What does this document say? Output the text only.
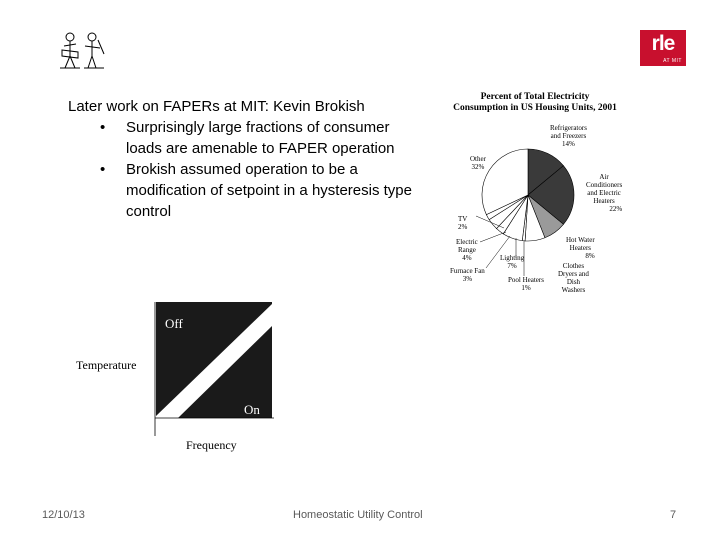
rle
AT MIT
Later work on FAPERs at MIT: Kevin Brokish
• Surprisingly large fractions of consumer loads are amenable to FAPER operation
• Brokish assumed operation to be a modification of setpoint in a hysteresis type control
Percent of Total Electricity
Consumption in US Housing Units, 2001
Refrigerators
and Freezers
14%
Air
Conditioners
and Electric
Heaters
22%
Hot Water
Heaters
8%
Clothes
Dryers and
Dish
Washers
Pool Heaters
1%
Lighting
7%
Furnace Fan
3%
Electric
Range
4%
TV
2%
Other
32%
Off
On
Temperature
Frequency
12/10/13	Homeostatic Utility Control	7
